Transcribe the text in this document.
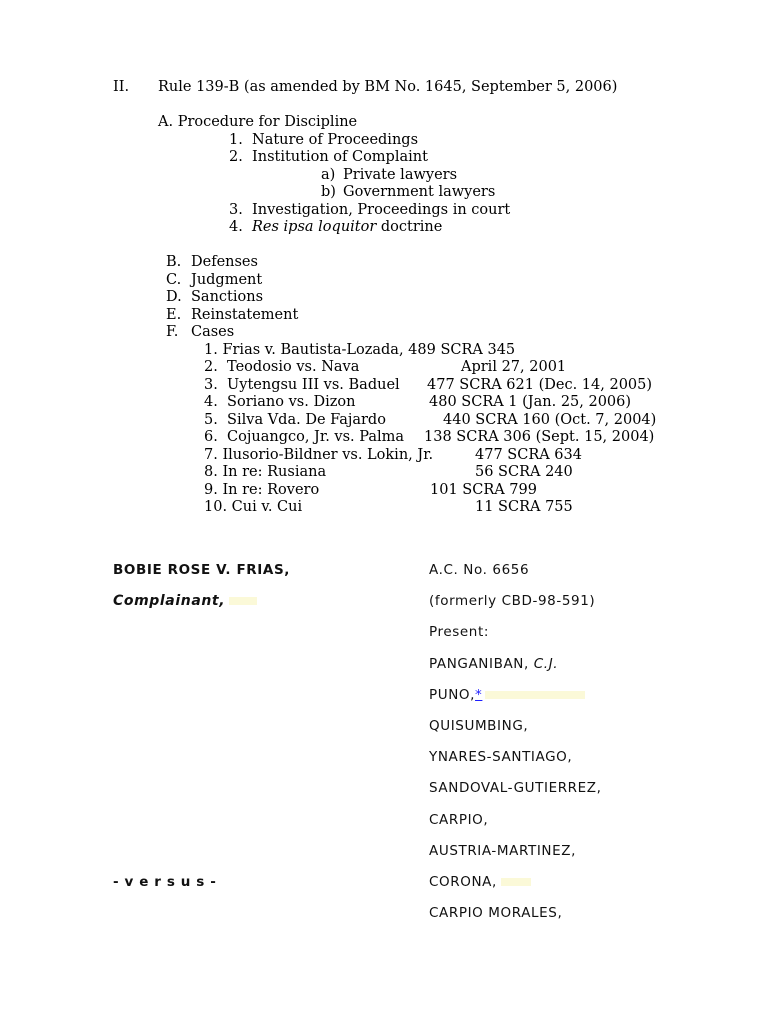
II. Rule 139-B (as amended by BM No. 1645, September 5, 2006)
A. Procedure for Discipline
1. Nature of Proceedings
2. Institution of Complaint
a) Private lawyers
b) Government lawyers
3. Investigation, Proceedings in court
4. Res ipsa loquitor doctrine
B. Defenses
C. Judgment
D. Sanctions
E. Reinstatement
F. Cases
1. Frias v. Bautista-Lozada, 489 SCRA 345
2.  Teodosio vs. Nava	April 27, 2001
3.  Uytengsu III vs. Baduel 477 SCRA 621 (Dec. 14, 2005)
4.  Soriano vs. Dizon	480 SCRA 1 (Jan. 25, 2006)
5.  Silva Vda. De Fajardo	440 SCRA 160 (Oct. 7, 2004)
6.  Cojuangco, Jr. vs. Palma 138 SCRA 306 (Sept. 15, 2004)
7. Ilusorio-Bildner vs. Lokin, Jr.	477 SCRA 634
8. In re: Rusiana	56 SCRA 240
9. In re: Rovero	101 SCRA 799
10. Cui v. Cui	11 SCRA 755
BOBIE ROSE V. FRIAS,	A.C. No. 6656
Complainant,	(formerly CBD-98-591)
Present:
PANGANIBAN, C.J.
PUNO,*
QUISUMBING,
YNARES-SANTIAGO,
SANDOVAL-GUTIERREZ,
CARPIO,
AUSTRIA-MARTINEZ,
- v e r s u s -	CORONA,
CARPIO MORALES,
